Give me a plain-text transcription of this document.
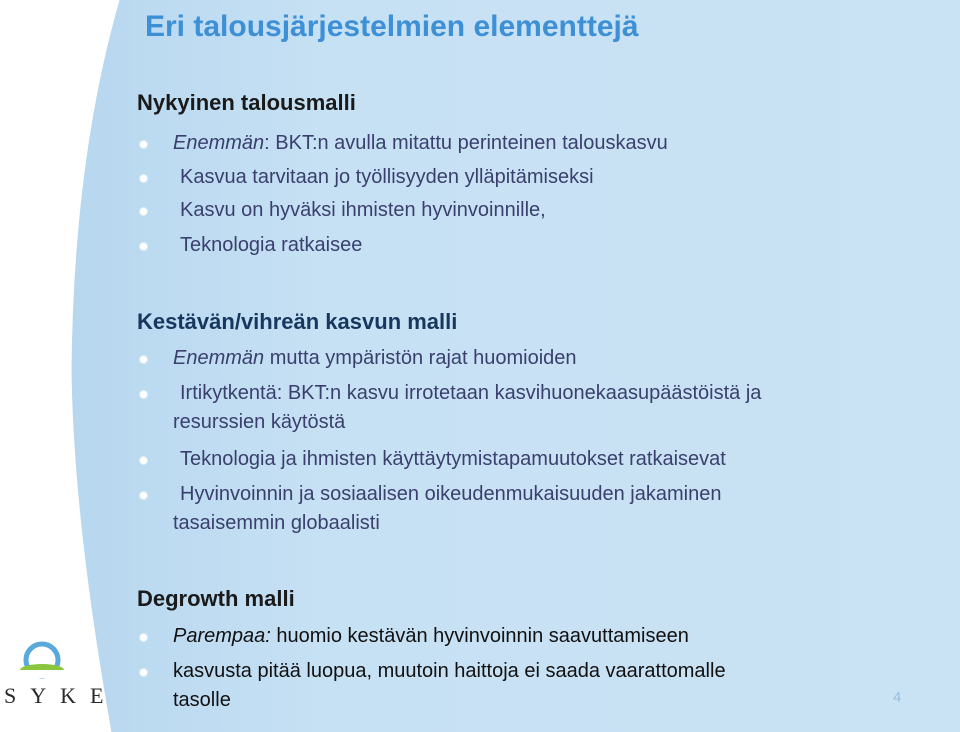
Eri talousjärjestelmien elementtejä
Nykyinen talousmalli
Enemmän: BKT:n avulla mitattu perinteinen talouskasvu
Kasvua tarvitaan jo työllisyyden ylläpitämiseksi
Kasvu on hyväksi ihmisten hyvinvoinnille,
Teknologia ratkaisee
Kestävän/vihreän kasvun malli
Enemmän mutta ympäristön rajat huomioiden
Irtikytkentä: BKT:n kasvu irrotetaan kasvihuonekaasupäästöistä ja
resurssien käytöstä
Teknologia ja ihmisten käyttäytymistapamuutokset ratkaisevat
Hyvinvoinnin ja sosiaalisen oikeudenmukaisuuden jakaminen
tasaisemmin globaalisti
Degrowth malli
Parempaa: huomio kestävän hyvinvoinnin saavuttamiseen
kasvusta pitää luopua, muutoin haittoja ei saada vaarattomalle
tasolle
SYKE	4
